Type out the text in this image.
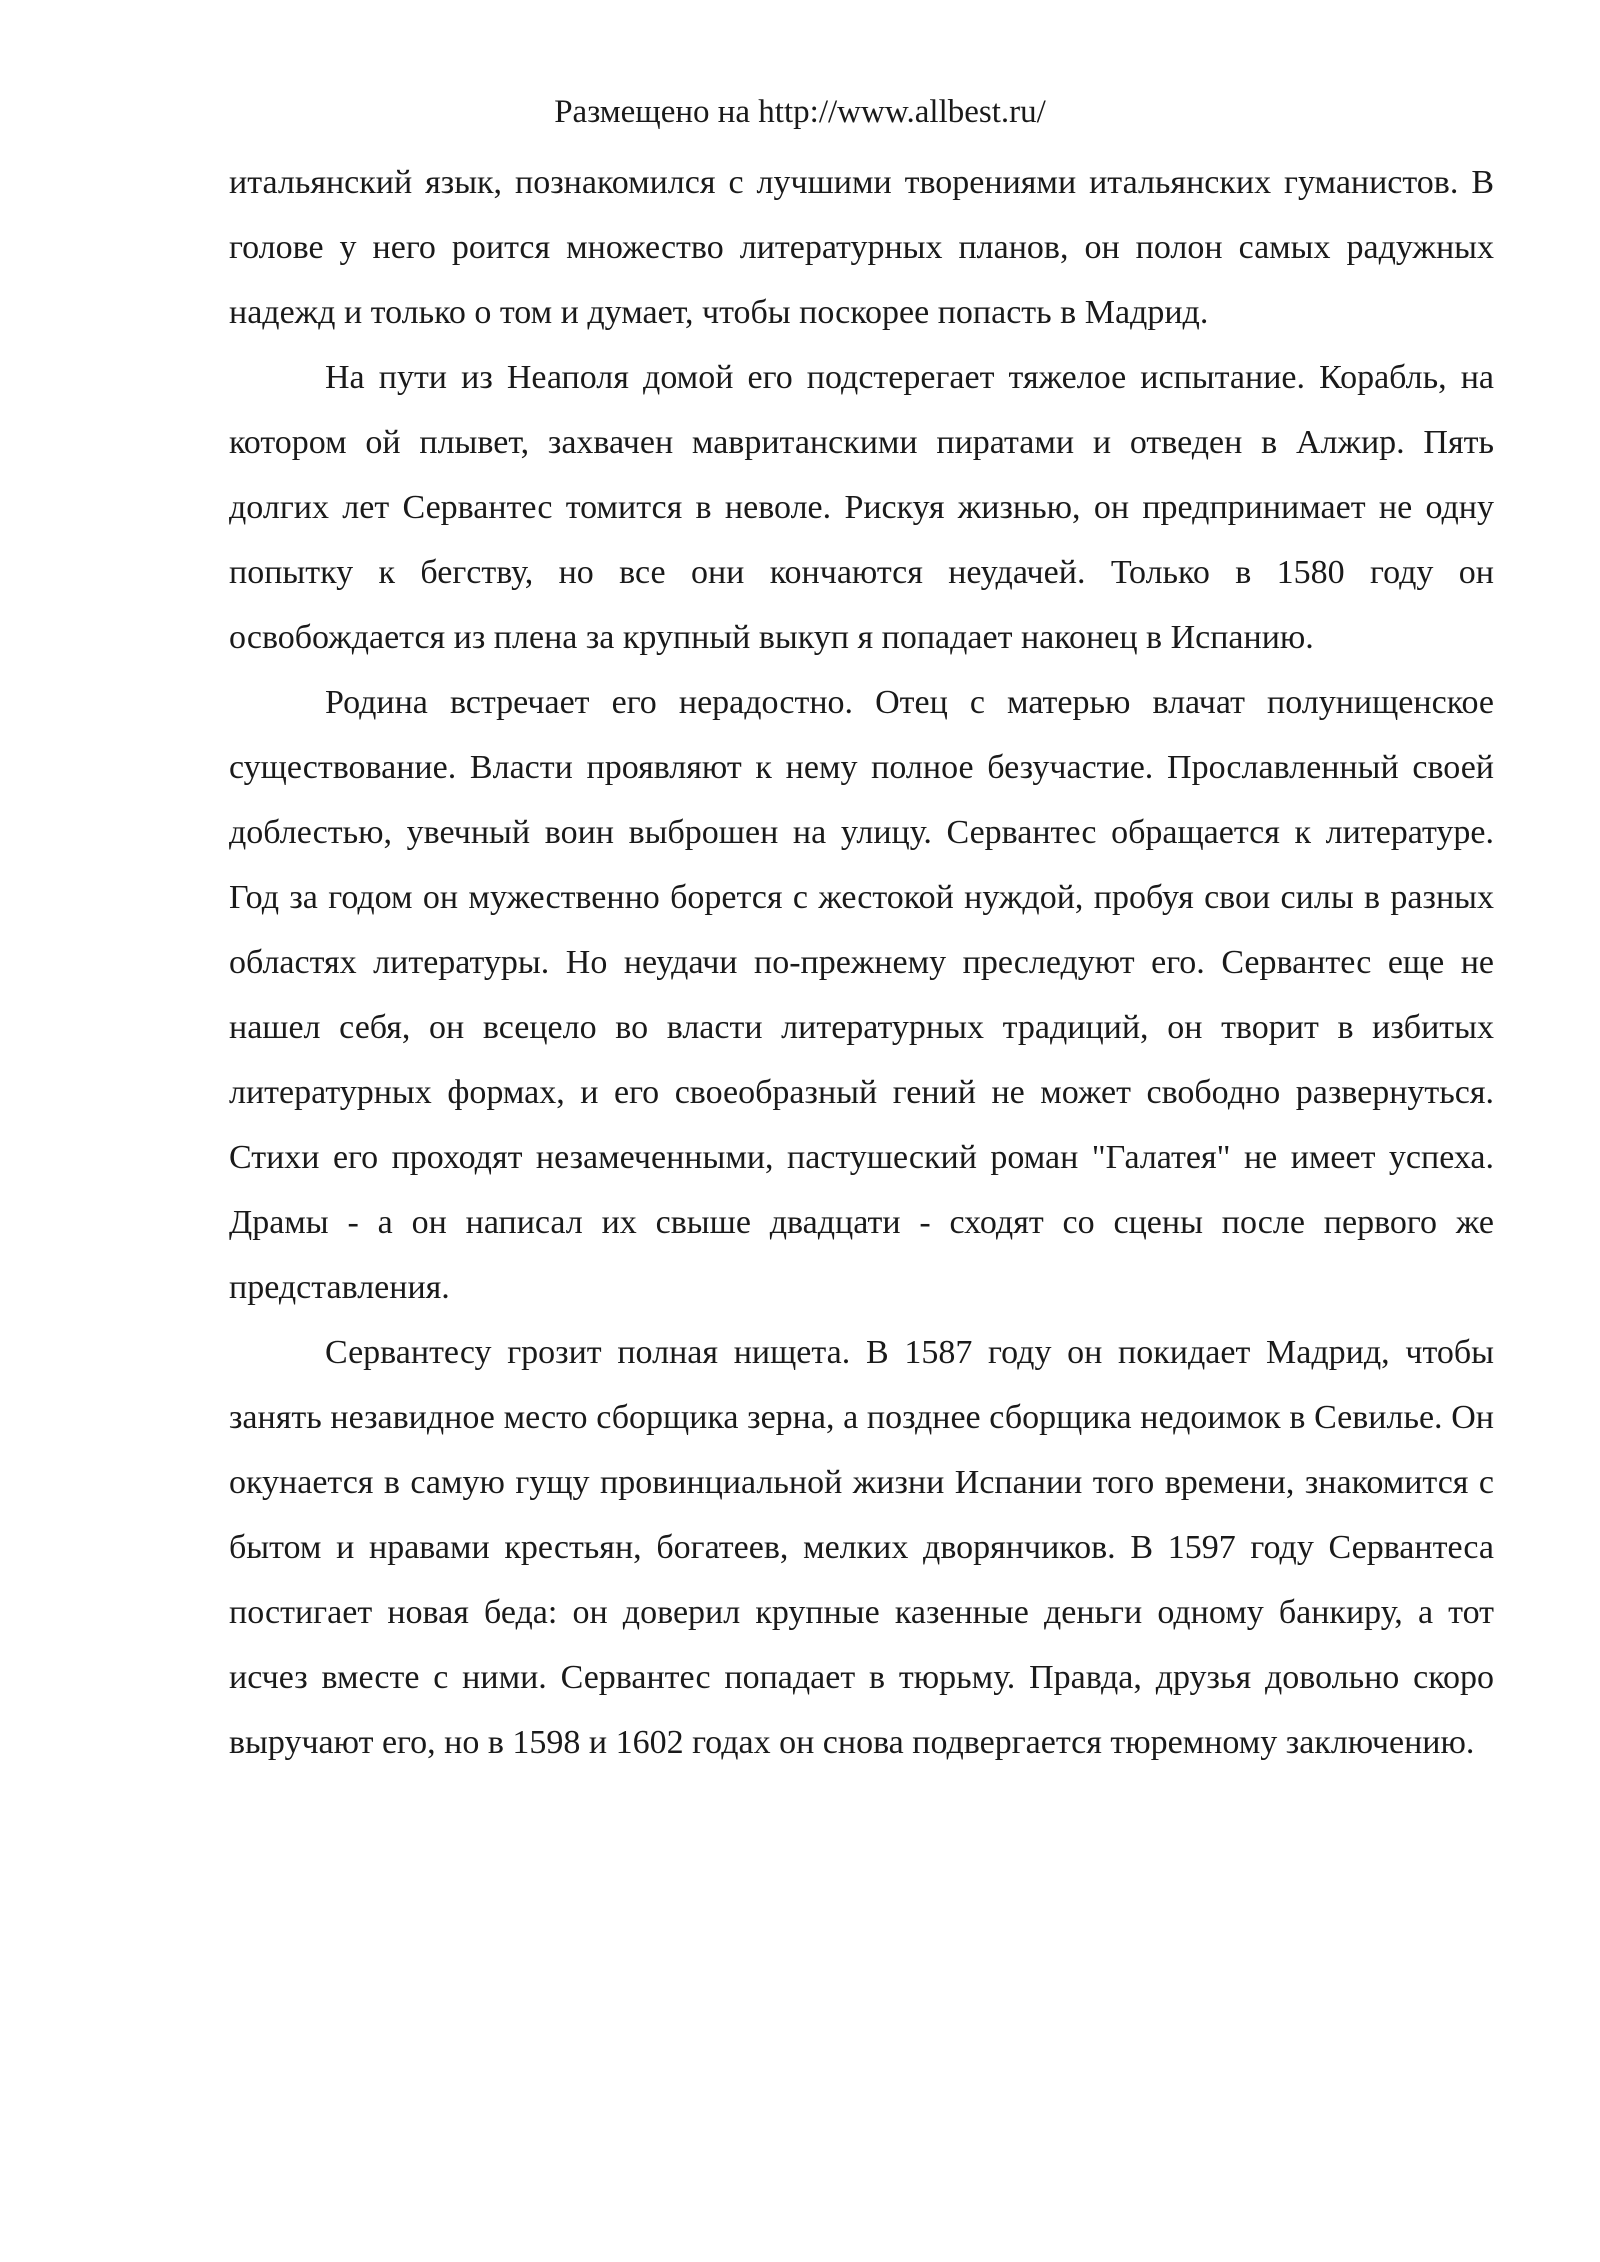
Размещено на http://www.allbest.ru/

итальянский язык, познакомился с лучшими творениями итальянских гуманистов. В голове у него роится множество литературных планов, он полон самых радужных надежд и только о том и думает, чтобы поскорее попасть в Мадрид.

На пути из Неаполя домой его подстерегает тяжелое испытание. Корабль, на котором ой плывет, захвачен мавританскими пиратами и отведен в Алжир. Пять долгих лет Сервантес томится в неволе. Рискуя жизнью, он предпринимает не одну попытку к бегству, но все они кончаются неудачей. Только в 1580 году он освобождается из плена за крупный выкуп я попадает наконец в Испанию.

Родина встречает его нерадостно. Отец с матерью влачат полунищенское существование. Власти проявляют к нему полное безучастие. Прославленный своей доблестью, увечный воин выброшен на улицу. Сервантес обращается к литературе. Год за годом он мужественно борется с жестокой нуждой, пробуя свои силы в разных областях литературы. Но неудачи по-прежнему преследуют его. Сервантес еще не нашел себя, он всецело во власти литературных традиций, он творит в избитых литературных формах, и его своеобразный гений не может свободно развернуться. Стихи его проходят незамеченными, пастушеский роман "Галатея" не имеет успеха. Драмы - а он написал их свыше двадцати - сходят со сцены после первого же представления.

Сервантесу грозит полная нищета. В 1587 году он покидает Мадрид, чтобы занять незавидное место сборщика зерна, а позднее сборщика недоимок в Севилье. Он окунается в самую гущу провинциальной жизни Испании того времени, знакомится с бытом и нравами крестьян, богатеев, мелких дворянчиков. В 1597 году Сервантеса постигает новая беда: он доверил крупные казенные деньги одному банкиру, а тот исчез вместе с ними. Сервантес попадает в тюрьму. Правда, друзья довольно скоро выручают его, но в 1598 и 1602 годах он снова подвергается тюремному заключению.
